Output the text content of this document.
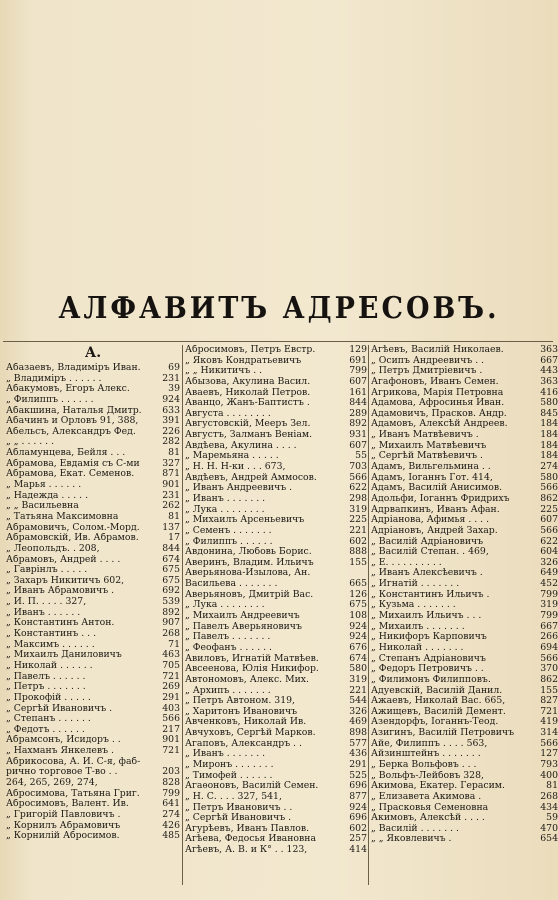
АЛФАВИТЪ АДРЕСОВЪ.
А.
Абазаевъ, Владиміръ Иван.	69
„ Владиміръ . . . . . .	231
Абакумовъ, Егоръ Алекс.	39
„ Филиппъ . . . . . .	924
Абакшина, Наталья Дмитр. 633
Абачинъ и Орловъ 91, 388,	391
Абельсъ, Александръ Фед.	226
„ „ . . . . . .	282
Абламунцева, Бейля . . .	81
Абрамова, Евдамія съ С-ми 327
Абрамова, Екат. Семенов.	871
„ Марья . . . . . .	901
„ Надежда . . . . .	231
„ „ Васильевна	262
„ Татьяна Максимовна	81
Абрамовичъ, Солом.-Морд. 137
Абрамовскій, Ив. Абрамов.	17
„ Леопольдъ. . 208,	844
Абрамовъ, Андрей . . . .	674
„ Гаврінлъ . . . . .	675
„ Захаръ Никитичъ 602,	675
„ Иванъ Абрамовичъ .	692
„ И. П. . . . . 327,	539
„ Иванъ . . . . . .	892
„ Константинъ Антон.	907
„ Константинъ . . .	268
„ Максимъ . . . . . .	71
„ Михаилъ Даниловичъ	463
„ Николай . . . . . .	705
„ Павелъ . . . . . .	721
„ Петръ . . . . . . .	269
„ Прокофій . . . . .	291
„ Сергѣй Ивановичъ .	403
„ Степанъ . . . . . .	566
„ Федотъ . . . . . .	217
Абрамсонъ, Исидоръ . .	901
„ Нахманъ Янкелевъ .	721
Абрикосова, А. И. С-я, фаб-
рично торговое Т-во . .	203
264, 265, 269, 274,	828
Абросимова, Татьяна Григ. 799
Абросимовъ, Валент. Ив.	641
„ Григорій Павловичъ .	274
„ Корнилъ Абрамовичъ	426
„ Корнилій Абросимов.	485
Абросимовъ, Петръ Евстр.	129
„ Яковъ Кондратьевичъ	691
„ „ Никитичъ . .	799
Абызова, Акулина Васил.	607
Аваевъ, Николай Петров.	161
Аванцо, Жанъ-Баптистъ .	844
Августа . . . . . . . .	289
Августовскій, Мееръ Зел.	892
Августъ, Залманъ Веніам.	931
Авдѣева, Акулина . . . .	607
„ Маремьяна . . . . .	55
„ Н. Н. Н-ки . . . 673,	703
Авдѣевъ, Андрей Аммосов.	566
„ Иванъ Андреевичъ .	622
„ Иванъ . . . . . . .	298
„ Лука . . . . . . . .	319
„ Михаилъ Арсеньевичъ	225
„ Семенъ . . . . . . .	221
„ Филиппъ . . . . . .	602
Авдонина, Любовь Борис.	888
Аверинъ, Владим. Ильичъ	155
Аверьянова-Изылова, Ан.
Васильева . . . . . . .	665
Аверьяновъ, Дмитрій Вас.	126
„ Лука . . . . . . . .	675
„ Михаилъ Андреевичъ	108
„ Павелъ Аверьяновичъ	924
„ Павелъ . . . . . . .	924
„ Феофанъ . . . . . .	676
Авиловъ, Игнатій Матвѣев.	674
Авсеенова, Юлія Никифор.	580
Автономовъ, Алекс. Мих.	319
„ Архипъ . . . . . . .	221
„ Петръ Автоном. 319,	544
„ Харитонъ Ивановичъ	326
Авченковъ, Николай Ив.	469
Авчуховъ, Сергѣй Марков.	898
Агаповъ, Александръ . .	577
„ Иванъ . . . . . . .	436
„ Миронъ . . . . . . .	291
„ Тимофей . . . . . .	525
Агаѳоновъ, Василій Семен.	696
„ Н. С. . . . 327, 541,	877
„ Петръ Ивановичъ . .	924
„ Сергѣй Ивановичъ .	696
Агурѣевъ, Иванъ Павлов.	602
Агѣева, Федосья Ивановна	257
Агѣевъ, А. В. и К° . . 123,	414
Агѣевъ, Василій Николаев.	363
„ Осипъ Андреевичъ . .	667
„ Петръ Дмитріевичъ .	443
Агафоновъ, Иванъ Семен.	363
Агрикова, Марія Петровна	416
Адамова, Афросинья Иван.	580
Адамовичъ, Прасков. Андр.	845
Адамовъ, Алексѣй Андреев.	184
„ Иванъ Матвѣевичъ .	184
„ Михаилъ Матвѣевичъ	184
„ Сергѣй Матвѣевичъ .	184
Адамъ, Вильгельмина . .	274
Адамъ, Іоганнъ Гот. 414,	580
Адамъ, Василій Анисимов.	566
Адольфи, Іоганнъ Фридрихъ	862
Адрвапкинъ, Иванъ Афан.	225
Адріанова, Афимья . . . .	607
Адріановъ, Андрей Захар.	566
„ Василій Адріановичъ	622
„ Василій Степан. . 469,	604
„ Е. . . . . . . . . .	326
„ Иванъ Алексѣевичъ .	649
„ Игнатій . . . . . . .	452
„ Константинъ Ильичъ .	799
„ Кузьма . . . . . . .	319
„ Михаилъ Ильичъ . . .	799
„ Михаилъ . . . . . . .	667
„ Никифоръ Карповичъ	266
„ Николай . . . . . . .	694
„ Степанъ Адріановичъ	566
„ Федоръ Петровичъ . .	370
„ Филимонъ Филипповъ.	862
Адуевскій, Василій Данил.	155
Ажаевъ, Николай Вас. 665,	827
Ажищевъ, Василій Демент.	721
Азендорфъ, Іоганнъ-Теод.	419
Азигинъ, Василій Петровичъ	314
Айе, Филиппъ . . . . 563,	566
Айзинштейнъ . . . . . . .	127
„ Берка Вольфовъ . . .	793
„ Вольфъ-Лейбовъ 328,	400
Акимова, Екатер. Герасим.	81
„ Елизавета Акимова .	268
„ Прасковья Семеновна	434
Акимовъ, Алексѣй . . . .	59
„ Василій . . . . . . .	470
„ „ Яковлевичъ .	654
